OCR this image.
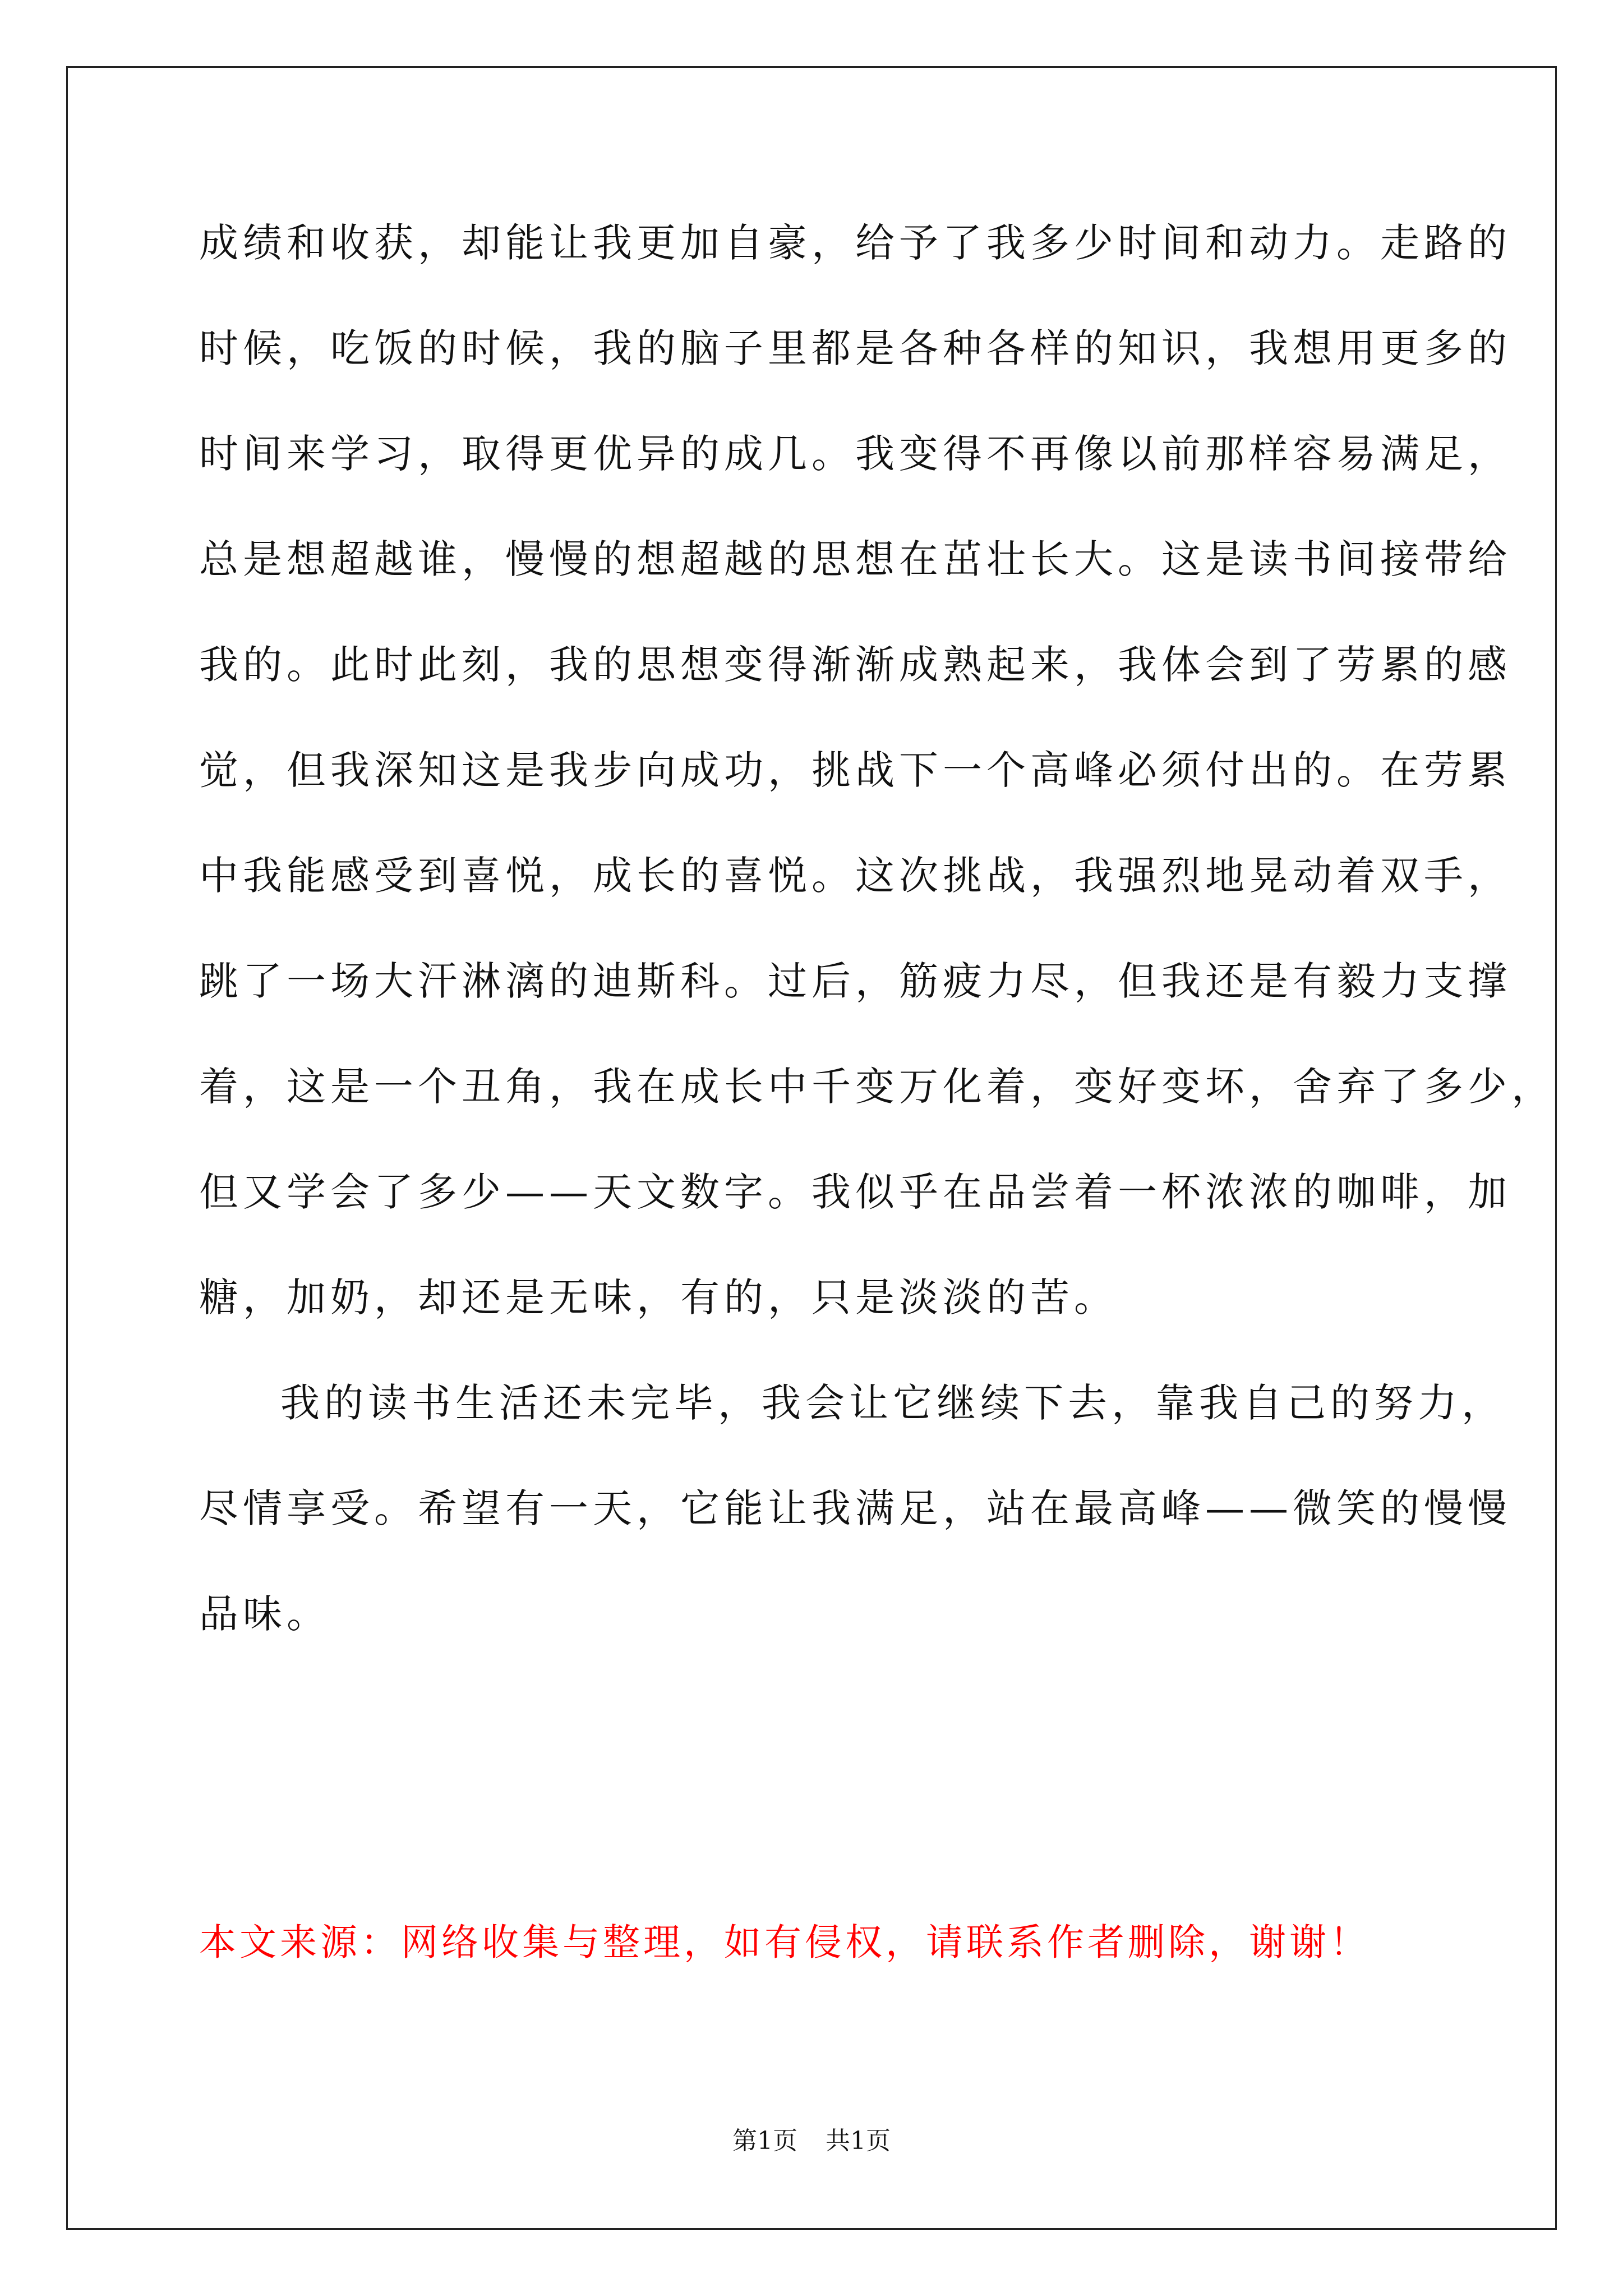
成绩和收获，却能让我更加自豪，给予了我多少时间和动力。走路的
时候，吃饭的时候，我的脑子里都是各种各样的知识，我想用更多的
时间来学习，取得更优异的成几。我变得不再像以前那样容易满足，
总是想超越谁，慢慢的想超越的思想在茁壮长大。这是读书间接带给
我的。此时此刻，我的思想变得渐渐成熟起来，我体会到了劳累的感
觉，但我深知这是我步向成功，挑战下一个高峰必须付出的。在劳累
中我能感受到喜悦，成长的喜悦。这次挑战，我强烈地晃动着双手，
跳了一场大汗淋漓的迪斯科。过后，筋疲力尽，但我还是有毅力支撑
着，这是一个丑角，我在成长中千变万化着，变好变坏，舍弃了多少，
但又学会了多少——天文数字。我似乎在品尝着一杯浓浓的咖啡，加
糖，加奶，却还是无味，有的，只是淡淡的苦。
我的读书生活还未完毕，我会让它继续下去，靠我自己的努力，
尽情享受。希望有一天，它能让我满足，站在最高峰——微笑的慢慢
品味。
本文来源：网络收集与整理，如有侵权，请联系作者删除，谢谢！
第1页 共1页
